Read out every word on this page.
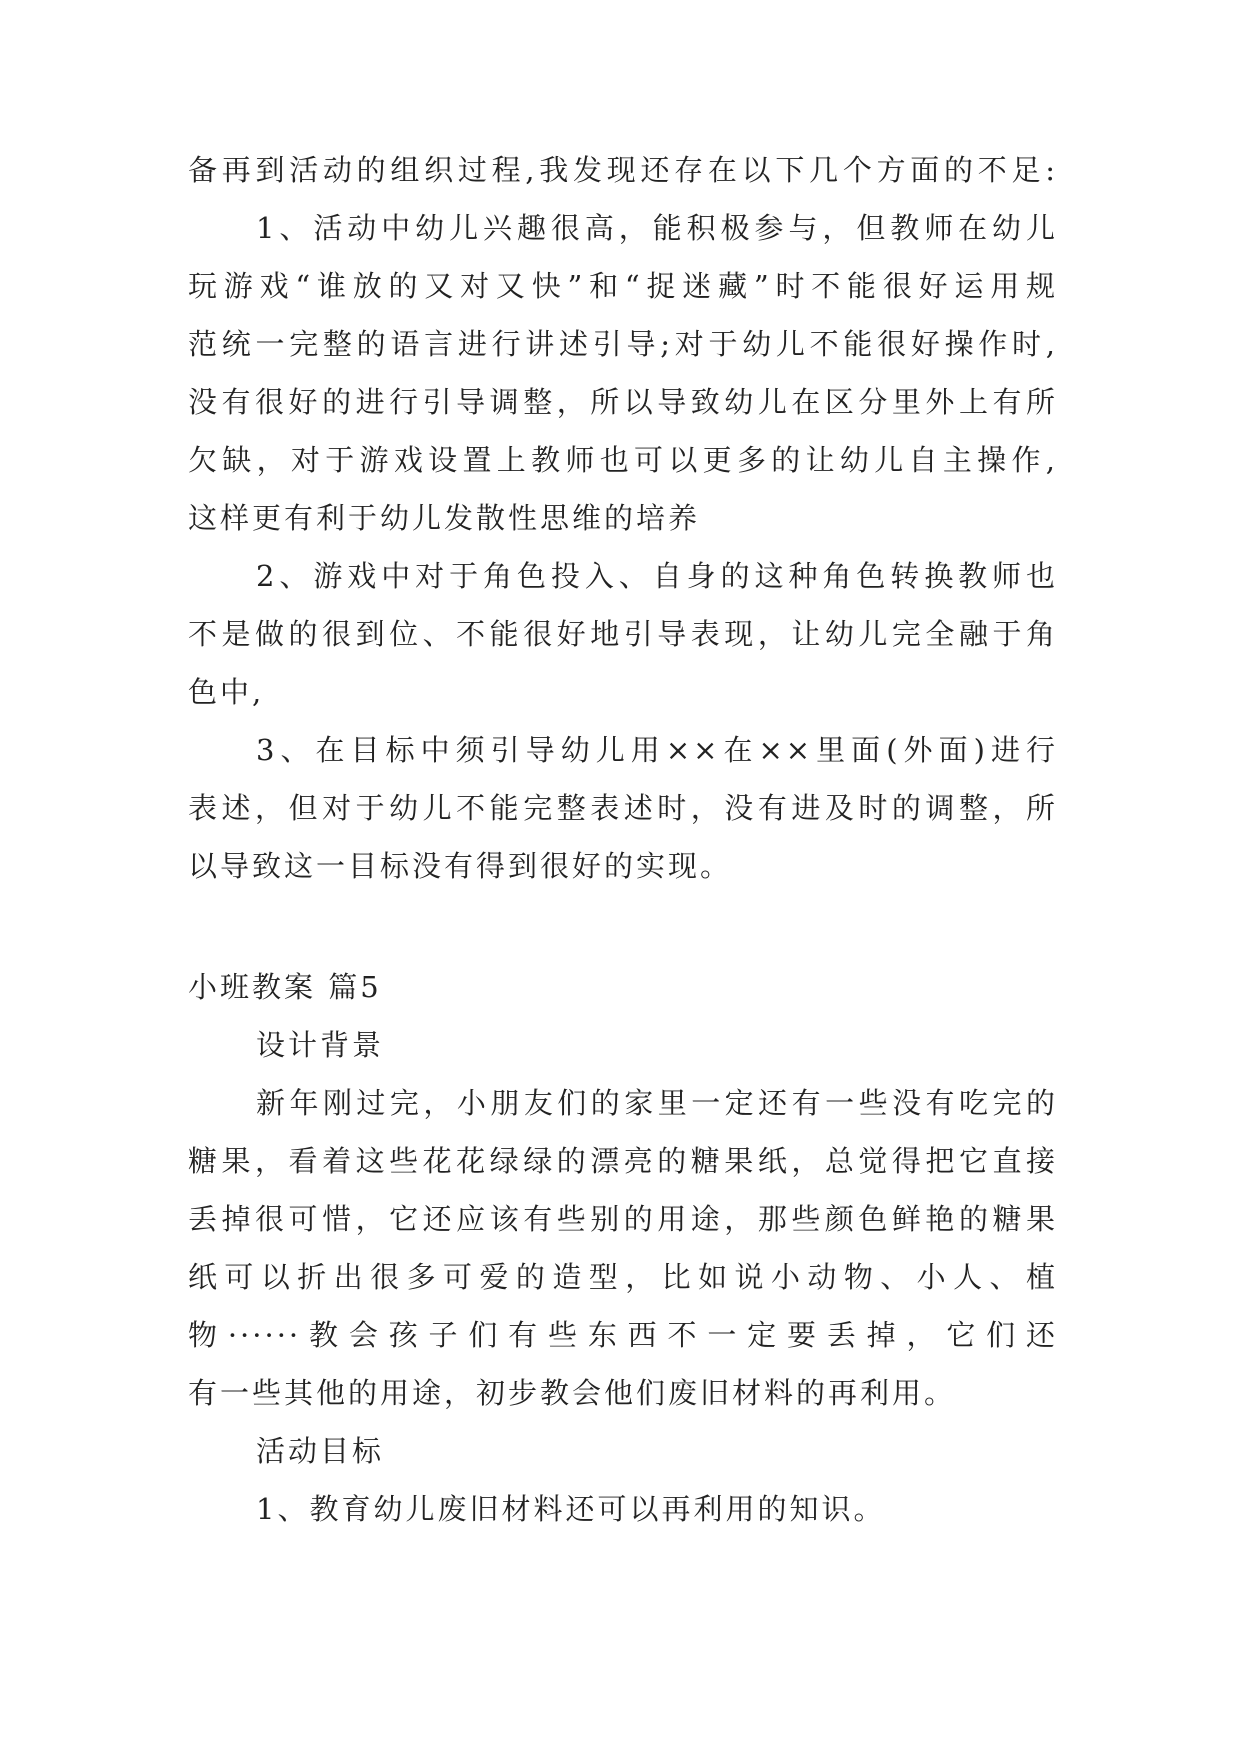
备再到活动的组织过程,我发现还存在以下几个方面的不足:
1、活动中幼儿兴趣很高，能积极参与，但教师在幼儿
玩游戏“谁放的又对又快”和“捉迷藏”时不能很好运用规
范统一完整的语言进行讲述引导;对于幼儿不能很好操作时,
没有很好的进行引导调整，所以导致幼儿在区分里外上有所
欠缺，对于游戏设置上教师也可以更多的让幼儿自主操作,
这样更有利于幼儿发散性思维的培养
2、游戏中对于角色投入、自身的这种角色转换教师也
不是做的很到位、不能很好地引导表现，让幼儿完全融于角
色中,
3、在目标中须引导幼儿用××在××里面(外面)进行
表述，但对于幼儿不能完整表述时，没有进及时的调整，所
以导致这一目标没有得到很好的实现。
小班教案 篇5
设计背景
新年刚过完，小朋友们的家里一定还有一些没有吃完的
糖果，看着这些花花绿绿的漂亮的糖果纸，总觉得把它直接
丢掉很可惜，它还应该有些别的用途，那些颜色鲜艳的糖果
纸可以折出很多可爱的造型，比如说小动物、小人、植
物······教会孩子们有些东西不一定要丢掉，它们还
有一些其他的用途，初步教会他们废旧材料的再利用。
活动目标
1、教育幼儿废旧材料还可以再利用的知识。
